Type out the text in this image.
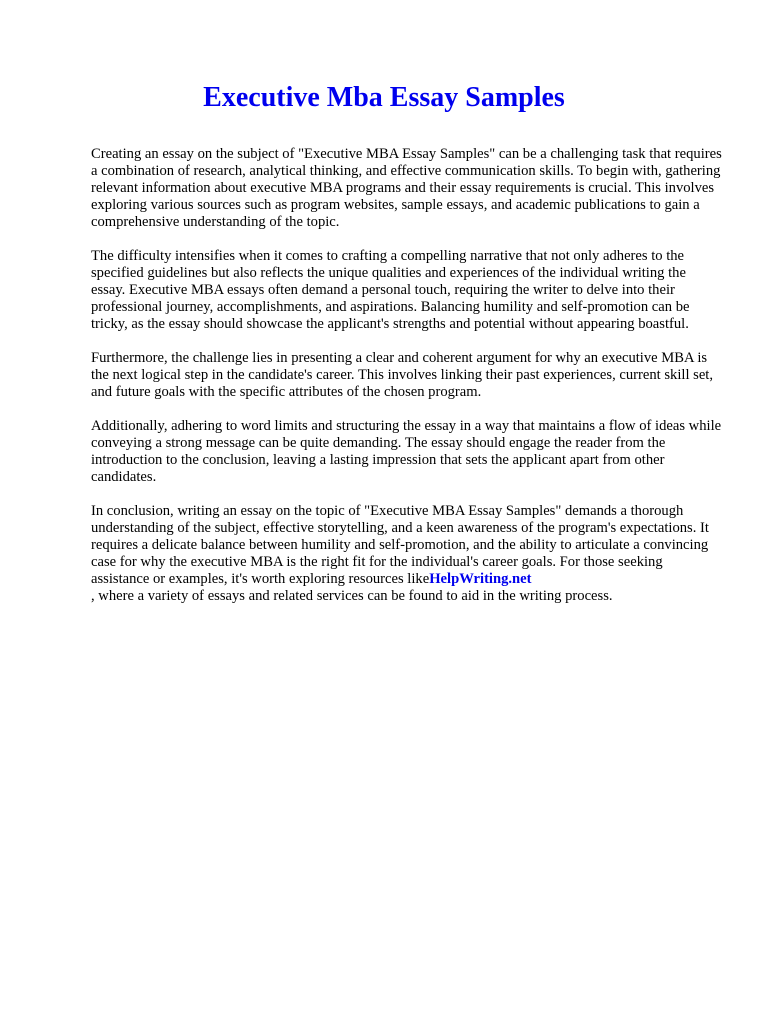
Executive Mba Essay Samples

Creating an essay on the subject of "Executive MBA Essay Samples" can be a challenging task that requires a combination of research, analytical thinking, and effective communication skills. To begin with, gathering relevant information about executive MBA programs and their essay requirements is crucial. This involves exploring various sources such as program websites, sample essays, and academic publications to gain a comprehensive understanding of the topic.

The difficulty intensifies when it comes to crafting a compelling narrative that not only adheres to the specified guidelines but also reflects the unique qualities and experiences of the individual writing the essay. Executive MBA essays often demand a personal touch, requiring the writer to delve into their professional journey, accomplishments, and aspirations. Balancing humility and self-promotion can be tricky, as the essay should showcase the applicant's strengths and potential without appearing boastful.

Furthermore, the challenge lies in presenting a clear and coherent argument for why an executive MBA is the next logical step in the candidate's career. This involves linking their past experiences, current skill set, and future goals with the specific attributes of the chosen program.

Additionally, adhering to word limits and structuring the essay in a way that maintains a flow of ideas while conveying a strong message can be quite demanding. The essay should engage the reader from the introduction to the conclusion, leaving a lasting impression that sets the applicant apart from other candidates.

In conclusion, writing an essay on the topic of "Executive MBA Essay Samples" demands a thorough understanding of the subject, effective storytelling, and a keen awareness of the program's expectations. It requires a delicate balance between humility and self-promotion, and the ability to articulate a convincing case for why the executive MBA is the right fit for the individual's career goals. For those seeking assistance or examples, it's worth exploring resources likeHelpWriting.net
, where a variety of essays and related services can be found to aid in the writing process.
